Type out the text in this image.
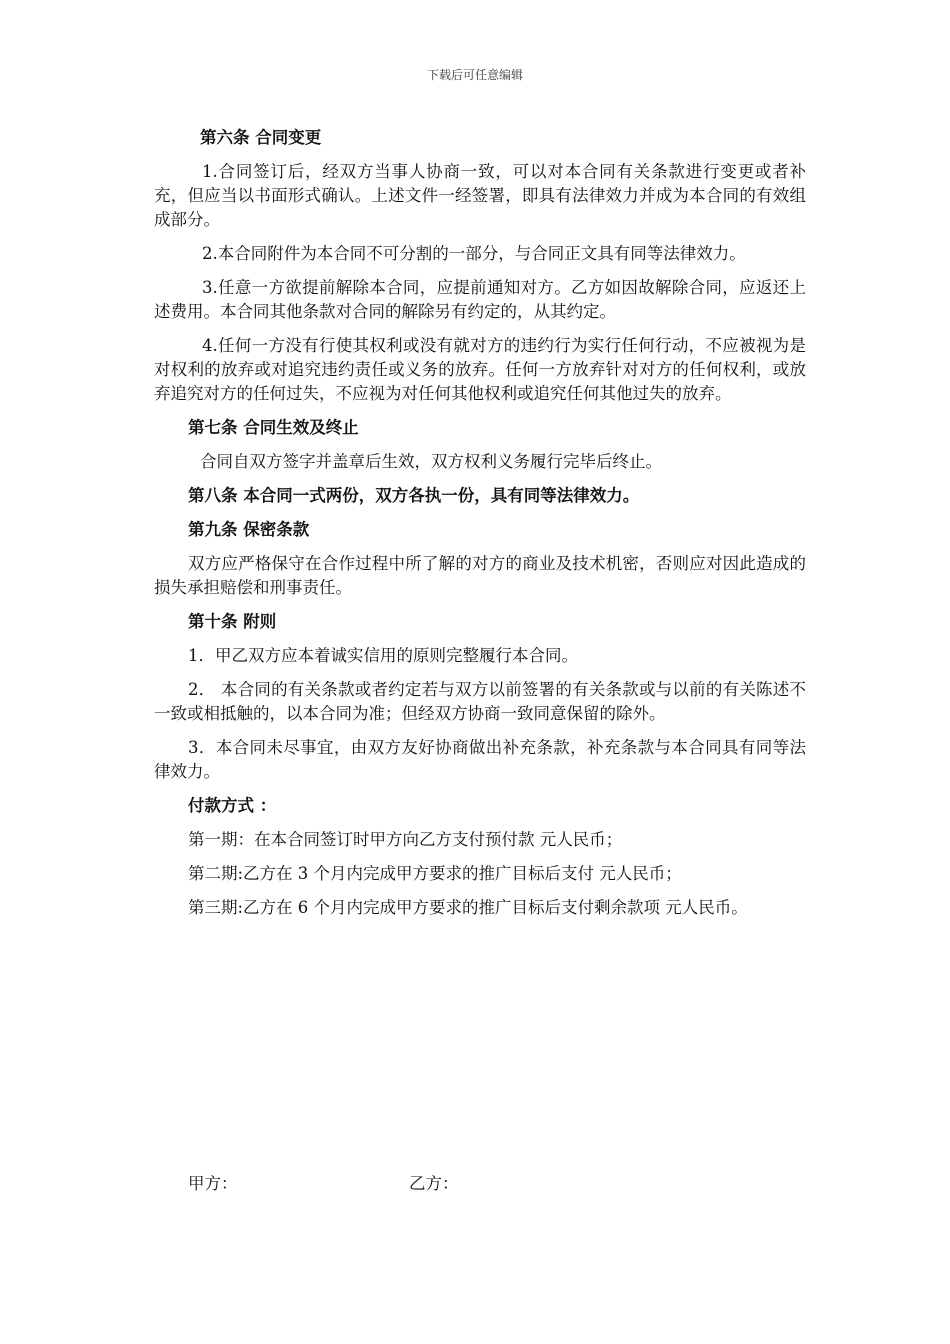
下载后可任意编辑
第六条 合同变更
1.合同签订后，经双方当事人协商一致，可以对本合同有关条款进行变更或者补充，但应当以书面形式确认。上述文件一经签署，即具有法律效力并成为本合同的有效组成部分。
2.本合同附件为本合同不可分割的一部分，与合同正文具有同等法律效力。
3.任意一方欲提前解除本合同，应提前通知对方。乙方如因故解除合同，应返还上述费用。本合同其他条款对合同的解除另有约定的，从其约定。
4.任何一方没有行使其权利或没有就对方的违约行为实行任何行动，不应被视为是对权利的放弃或对追究违约责任或义务的放弃。任何一方放弃针对对方的任何权利，或放弃追究对方的任何过失，不应视为对任何其他权利或追究任何其他过失的放弃。
第七条 合同生效及终止
合同自双方签字并盖章后生效，双方权利义务履行完毕后终止。
第八条 本合同一式两份，双方各执一份，具有同等法律效力。
第九条 保密条款
双方应严格保守在合作过程中所了解的对方的商业及技术机密，否则应对因此造成的损失承担赔偿和刑事责任。
第十条 附则
1．甲乙双方应本着诚实信用的原则完整履行本合同。
2． 本合同的有关条款或者约定若与双方以前签署的有关条款或与以前的有关陈述不一致或相抵触的，以本合同为准；但经双方协商一致同意保留的除外。
3．本合同未尽事宜，由双方友好协商做出补充条款，补充条款与本合同具有同等法律效力。
付款方式 ：
第一期：在本合同签订时甲方向乙方支付预付款 元人民币；
第二期:乙方在 3 个月内完成甲方要求的推广目标后支付 元人民币；
第三期:乙方在 6 个月内完成甲方要求的推广目标后支付剩余款项 元人民币。
甲方：	乙方：
